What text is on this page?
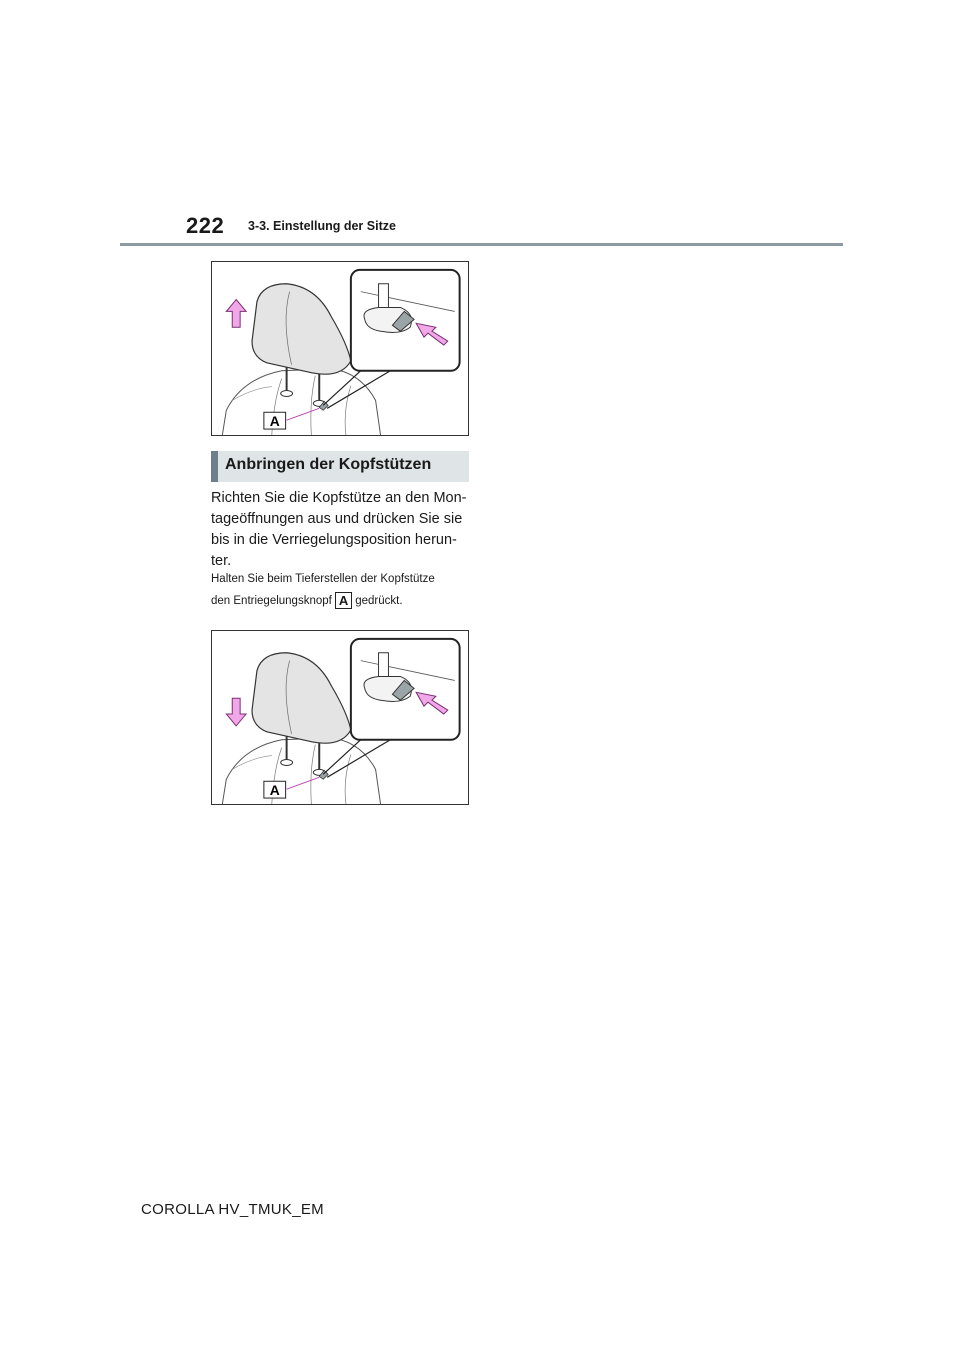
222 3-3. Einstellung der Sitze
A
Anbringen der Kopfstützen
Richten Sie die Kopfstütze an den Mon-
tageöffnungen aus und drücken Sie sie
bis in die Verriegelungsposition herun-
ter.
Halten Sie beim Tieferstellen der Kopfstütze
den Entriegelungsknopf A gedrückt.
A
COROLLA HV_TMUK_EM
